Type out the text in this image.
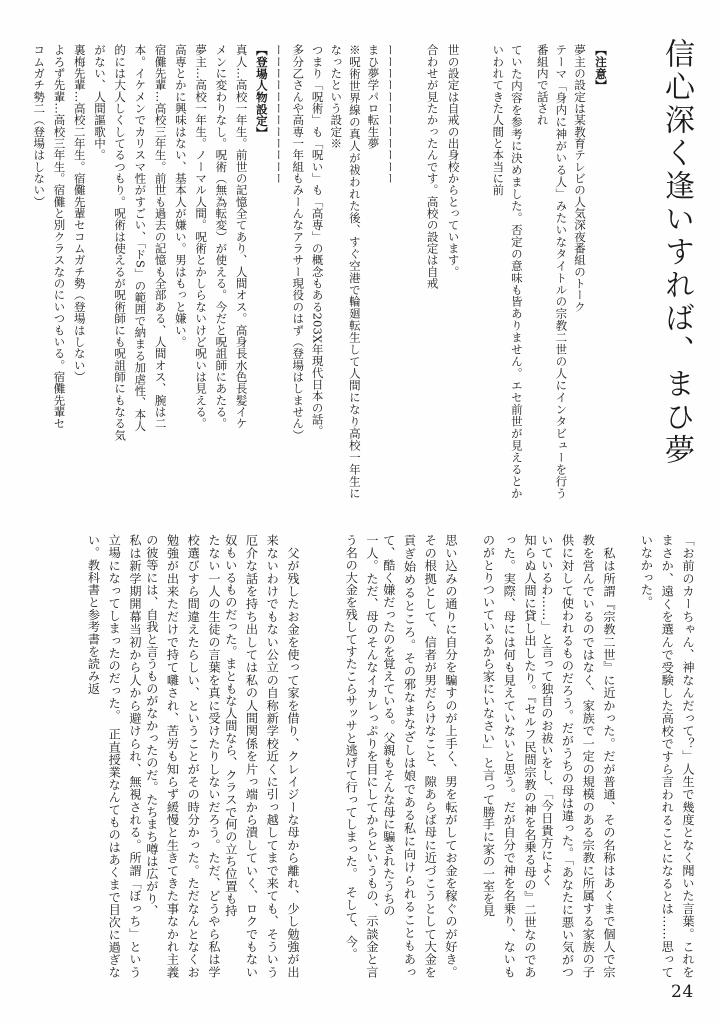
信心深く逢いすれば、まひ夢
【注意】
夢主の設定は某教育テレビの人気深夜番組のトーク
テーマ「身内に神がいる人」みたいなタイトルの宗教二世の人にインタビューを行う番組内で話され
ていた内容を参考に決めました。否定の意味も皆ありません。エセ前世が見えるとかいわれてきた人間と本当に前
世の設定は自戒の出身校からとっています。
合わせが見たかったんです。高校の設定は自戒
ーーーーーーーーーーーー
まひ夢学パロ転生夢
※呪術世界線の真人が祓われた後、すぐ空港で輪廻転生して人間になり高校一年生になったという設定※
つまり「呪術」も「呪い」も「高専」の概念もある203X年現代日本の話。
多分乙さんや高専一年組もみーんなアラサー現役のはず（登場はしません）
ーーーーーーーーーーーー
【登場人物設定】
真人…高校一年生。前世の記憶全てあり、人間オス。高身長水色長髪イケ
メンに変わりなし。呪術（無為転変）が使える。今だと呪詛師にあたる。
夢主…高校一年生。ノーマル人間。呪術とかしらないけど呪いは見える。
高専とかに興味はない、基本人が嫌い。男はもっと嫌い。
宿儺先輩…高校三年生。前世も過去の記憶も全部ある、人間オス、腕は二
本。イケメンでカリスマ性がすごい、「ドS」の範囲で納まる加虐性、本人
的には大人しくしてるつもり。呪術は使えるが呪術師にも呪詛師にもなる気
がない、人間謳歌中。
裏梅先輩…高校二年生。宿儺先輩セコムガチ勢（登場はしない）
よろず先輩…高校三年生。宿儺と別クラスなのにいつもいる。宿儺先輩セ
コムガチ勢二（登場はしない）
「お前のカーちゃん、神なんだって？」人生で幾度となく聞いた言葉。これをまさか、遠くを選んで受験した高校ですら言われることになるとは……思っていなかった。
　私は所謂『宗教二世』に近かった。だが普通、その名称はあくまで個人で宗教を営んでいるのではなく、家族で一定の規模のある宗教に所属する家族の子供に対して使われるものだろう。だがうちの母は違った。「あなたに悪い気がついているわ……」と言って独自のお祓いをし、「今日貴方によく
知らぬ人間に貸し出したり。『セルフ民間宗教の神を名乗る母の』二世なのであった。実際、母には何も見えていないと思う。だが自分で神を名乗り、ないものがとりついているから家にいなさい」と言って勝手に家の一室を見
思い込みの通りに自分を騙すのが上手く、男を転がしてお金を稼ぐのが好き。その根拠として、信者が男だらけなこと、隙あらば母に近づこうとして大金を貢ぎ始めるところ。その邪なまなざしは娘である私に向けられることもあって、酷く嫌だったのを覚えている。父親もそんな母に騙されたうちの
一人。ただ、母のそんなイカレっぷりを目にしてからというもの、示談金と言う名の大金を残してすたこらサッサと逃げて行ってしまった。　そして、今。
　父が残したお金を使って家を借り、クレイジーな母から離れ、少し勉強が出来ないわけでもない公立の自称新学校近くに引っ越してまで来ても、そういう厄介な話を持ち出しては私の人間関係を片っ端から潰していく、ロクでもない奴もいるものだった。まともな人間なら、クラスで何の立ち位置も持
たない一人の生徒の言葉を真に受けたりしないだろう。ただ、どうやら私は学校選びすら間違えたらしい、ということがその時分かった。ただなんとなくお勉強が出来ただけで持て囃され、苦労も知らず緩慢と生きてきた事なかれ主義の彼等には、自我と言うものがなかったのだ。たちまち噂は広がり、
私は新学期開幕当初から人から避けられ、無視される。所謂「ぼっち」という立場になってしまったのだった。　正直授業なんてものはあくまで目次に過ぎない。教科書と参考書を読み返
24
